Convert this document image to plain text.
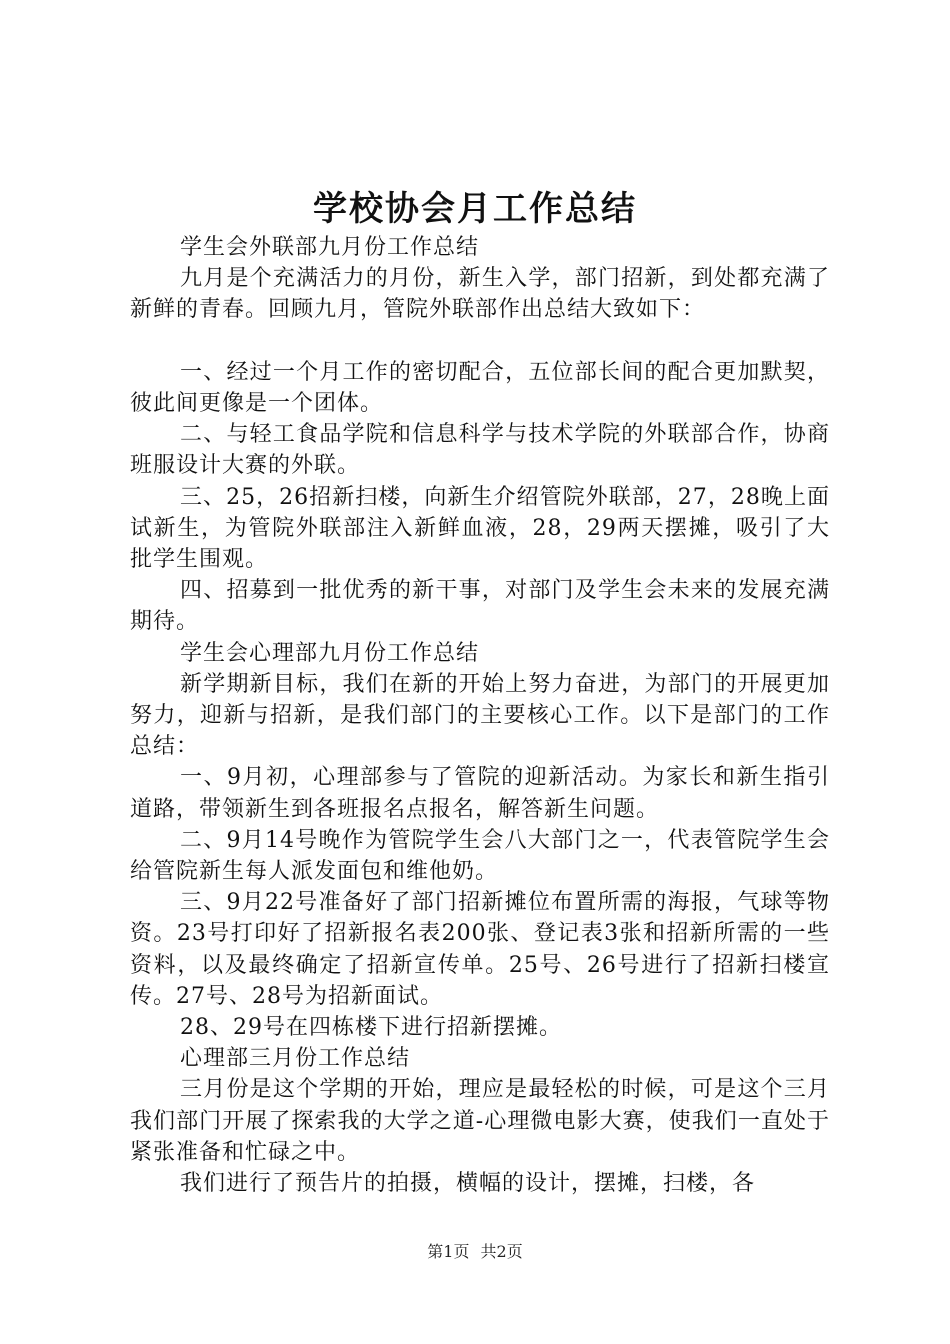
学校协会月工作总结

学生会外联部九月份工作总结

九月是个充满活力的月份，新生入学，部门招新，到处都充满了新鲜的青春。回顾九月，管院外联部作出总结大致如下：

一、经过一个月工作的密切配合，五位部长间的配合更加默契，彼此间更像是一个团体。

二、与轻工食品学院和信息科学与技术学院的外联部合作，协商班服设计大赛的外联。

三、25，26招新扫楼，向新生介绍管院外联部，27，28晚上面试新生，为管院外联部注入新鲜血液，28，29两天摆摊，吸引了大批学生围观。

四、招募到一批优秀的新干事，对部门及学生会未来的发展充满期待。

学生会心理部九月份工作总结

新学期新目标，我们在新的开始上努力奋进，为部门的开展更加努力，迎新与招新，是我们部门的主要核心工作。以下是部门的工作总结：

一、9月初，心理部参与了管院的迎新活动。为家长和新生指引道路，带领新生到各班报名点报名，解答新生问题。

二、9月14号晚作为管院学生会八大部门之一，代表管院学生会给管院新生每人派发面包和维他奶。

三、9月22号准备好了部门招新摊位布置所需的海报，气球等物资。23号打印好了招新报名表200张、登记表3张和招新所需的一些资料，以及最终确定了招新宣传单。25号、26号进行了招新扫楼宣传。27号、28号为招新面试。

28、29号在四栋楼下进行招新摆摊。

心理部三月份工作总结

三月份是这个学期的开始，理应是最轻松的时候，可是这个三月我们部门开展了探索我的大学之道-心理微电影大赛，使我们一直处于紧张准备和忙碌之中。

我们进行了预告片的拍摄，横幅的设计，摆摊，扫楼，各

第1页 共2页
